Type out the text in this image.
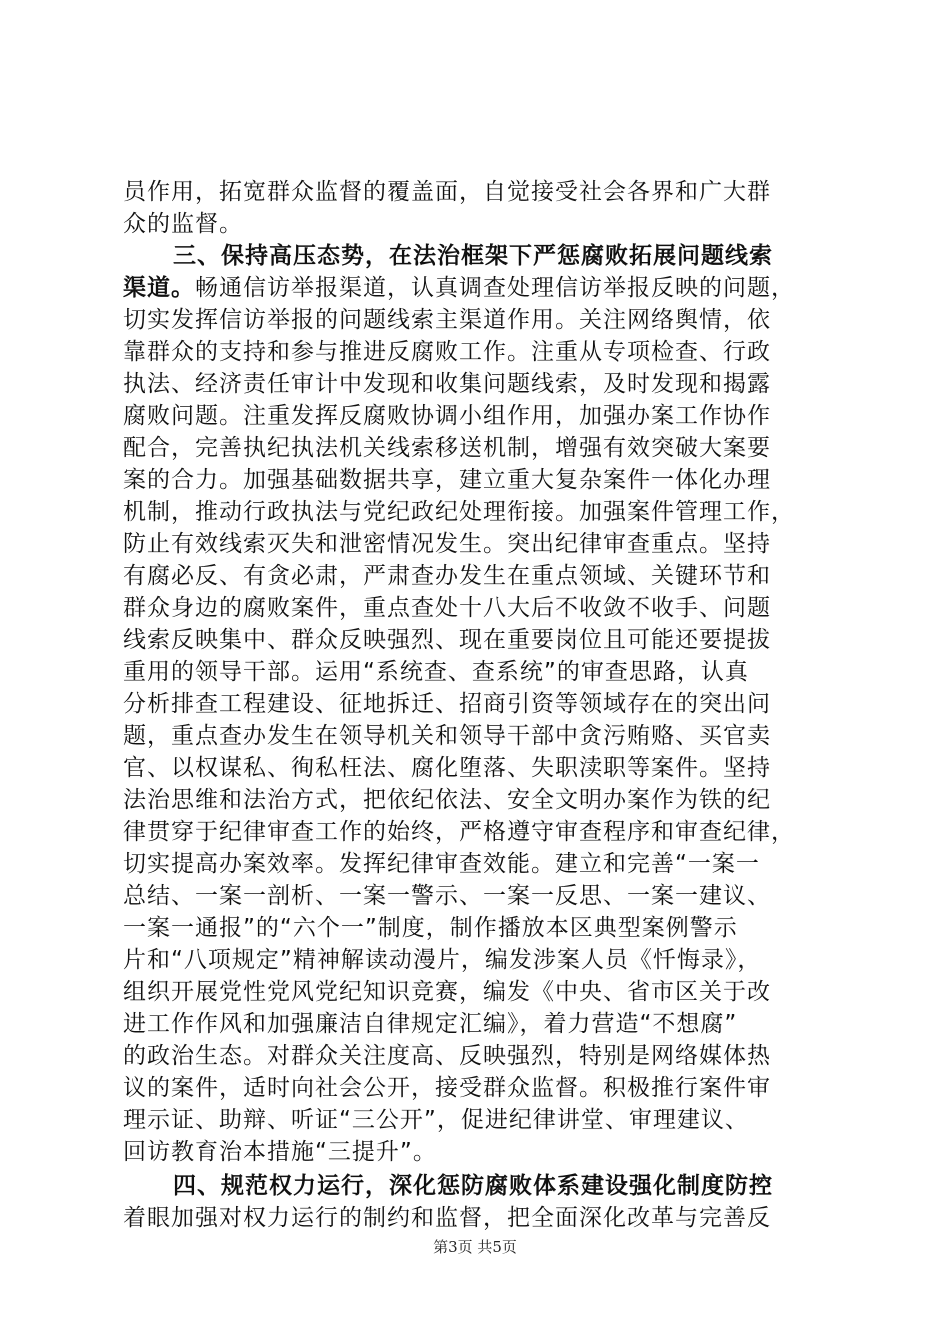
员作用，拓宽群众监督的覆盖面，自觉接受社会各界和广大群
众的监督。
三、保持高压态势，在法治框架下严惩腐败拓展问题线索
渠道。畅通信访举报渠道，认真调查处理信访举报反映的问题，
切实发挥信访举报的问题线索主渠道作用。关注网络舆情，依
靠群众的支持和参与推进反腐败工作。注重从专项检查、行政
执法、经济责任审计中发现和收集问题线索，及时发现和揭露
腐败问题。注重发挥反腐败协调小组作用，加强办案工作协作
配合，完善执纪执法机关线索移送机制，增强有效突破大案要
案的合力。加强基础数据共享，建立重大复杂案件一体化办理
机制，推动行政执法与党纪政纪处理衔接。加强案件管理工作，
防止有效线索灭失和泄密情况发生。突出纪律审查重点。坚持
有腐必反、有贪必肃，严肃查办发生在重点领域、关键环节和
群众身边的腐败案件，重点查处十八大后不收敛不收手、问题
线索反映集中、群众反映强烈、现在重要岗位且可能还要提拔
重用的领导干部。运用“系统查、查系统”的审查思路，认真
分析排查工程建设、征地拆迁、招商引资等领域存在的突出问
题，重点查办发生在领导机关和领导干部中贪污贿赂、买官卖
官、以权谋私、徇私枉法、腐化堕落、失职渎职等案件。坚持
法治思维和法治方式，把依纪依法、安全文明办案作为铁的纪
律贯穿于纪律审查工作的始终，严格遵守审查程序和审查纪律，
切实提高办案效率。发挥纪律审查效能。建立和完善“一案一
总结、一案一剖析、一案一警示、一案一反思、一案一建议、
一案一通报”的“六个一”制度，制作播放本区典型案例警示
片和“八项规定”精神解读动漫片，编发涉案人员《忏悔录》，
组织开展党性党风党纪知识竞赛，编发《中央、省市区关于改
进工作作风和加强廉洁自律规定汇编》，着力营造“不想腐”
的政治生态。对群众关注度高、反映强烈，特别是网络媒体热
议的案件，适时向社会公开，接受群众监督。积极推行案件审
理示证、助辩、听证“三公开”，促进纪律讲堂、审理建议、
回访教育治本措施“三提升”。
四、规范权力运行，深化惩防腐败体系建设强化制度防控
着眼加强对权力运行的制约和监督，把全面深化改革与完善反
第3页 共5页
